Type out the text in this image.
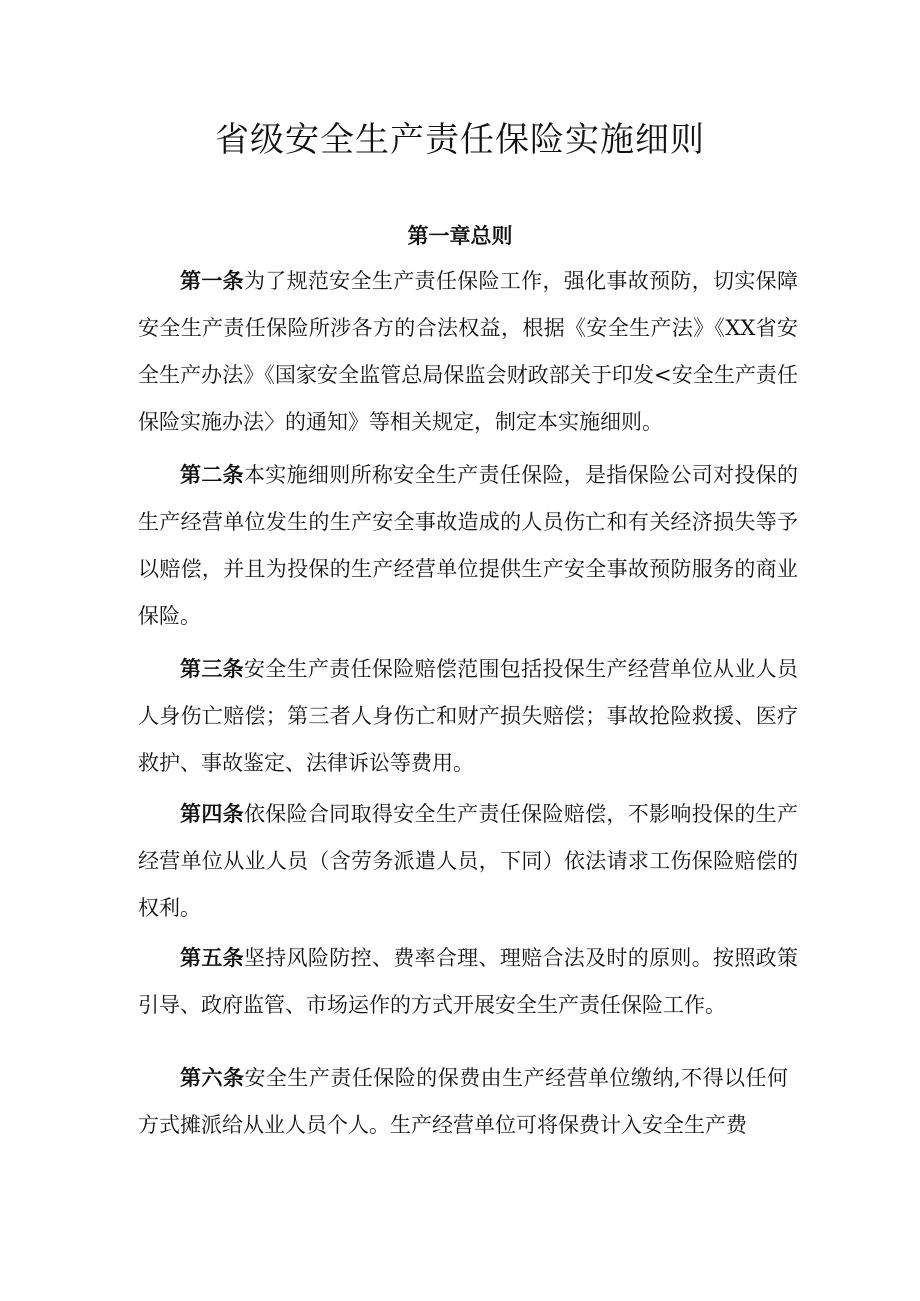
省级安全生产责任保险实施细则
第一章总则

第一条为了规范安全生产责任保险工作，强化事故预防，切实保障安全生产责任保险所涉各方的合法权益，根据《安全生产法》《XX省安全生产办法》《国家安全监管总局保监会财政部关于印发<安全生产责任保险实施办法〉的通知》等相关规定，制定本实施细则。

第二条本实施细则所称安全生产责任保险，是指保险公司对投保的生产经营单位发生的生产安全事故造成的人员伤亡和有关经济损失等予以赔偿，并且为投保的生产经营单位提供生产安全事故预防服务的商业保险。

第三条安全生产责任保险赔偿范围包括投保生产经营单位从业人员人身伤亡赔偿；第三者人身伤亡和财产损失赔偿；事故抢险救援、医疗救护、事故鉴定、法律诉讼等费用。

第四条依保险合同取得安全生产责任保险赔偿，不影响投保的生产经营单位从业人员（含劳务派遣人员，下同）依法请求工伤保险赔偿的权利。

第五条坚持风险防控、费率合理、理赔合法及时的原则。按照政策引导、政府监管、市场运作的方式开展安全生产责任保险工作。

第六条安全生产责任保险的保费由生产经营单位缴纳,不得以任何方式摊派给从业人员个人。生产经营单位可将保费计入安全生产费
